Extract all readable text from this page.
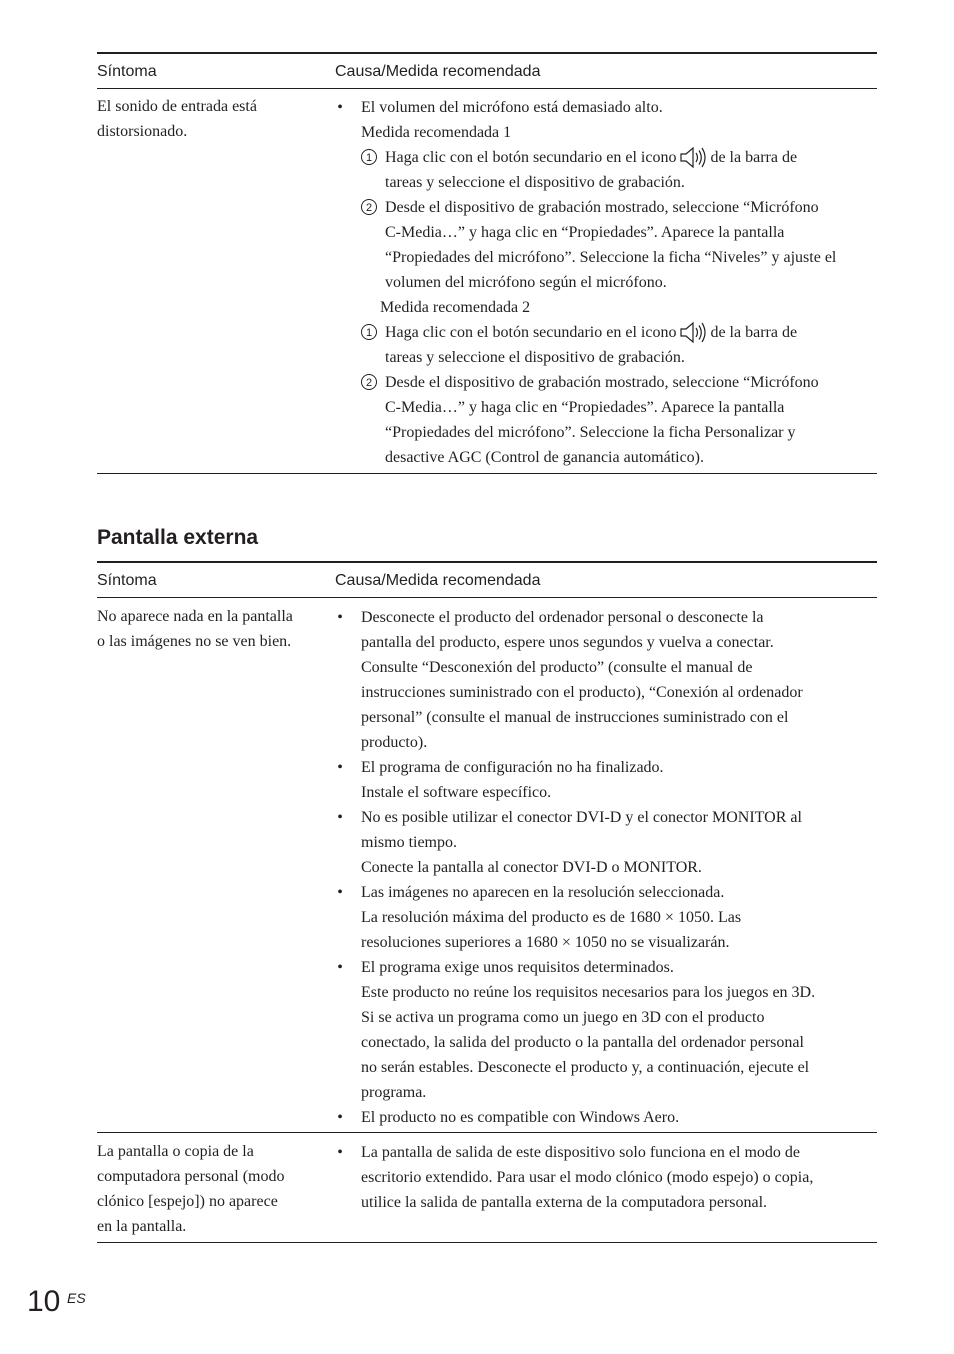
Síntoma	Causa/Medida recomendada
El sonido de entrada está
distorsionado.
• El volumen del micrófono está demasiado alto.
Medida recomendada 1
1 Haga clic con el botón secundario en el icono de la barra de
tareas y seleccione el dispositivo de grabación.
2 Desde el dispositivo de grabación mostrado, seleccione “Micrófono
C-Media…” y haga clic en “Propiedades”. Aparece la pantalla
“Propiedades del micrófono”. Seleccione la ficha “Niveles” y ajuste el
volumen del micrófono según el micrófono.
Medida recomendada 2
1 Haga clic con el botón secundario en el icono de la barra de
tareas y seleccione el dispositivo de grabación.
2 Desde el dispositivo de grabación mostrado, seleccione “Micrófono
C-Media…” y haga clic en “Propiedades”. Aparece la pantalla
“Propiedades del micrófono”. Seleccione la ficha Personalizar y
desactive AGC (Control de ganancia automático).
Pantalla externa
Síntoma	Causa/Medida recomendada
No aparece nada en la pantalla
o las imágenes no se ven bien.
• Desconecte el producto del ordenador personal o desconecte la
pantalla del producto, espere unos segundos y vuelva a conectar.
Consulte “Desconexión del producto” (consulte el manual de
instrucciones suministrado con el producto), “Conexión al ordenador
personal” (consulte el manual de instrucciones suministrado con el
producto).
• El programa de configuración no ha finalizado.
Instale el software específico.
• No es posible utilizar el conector DVI-D y el conector MONITOR al
mismo tiempo.
Conecte la pantalla al conector DVI-D o MONITOR.
• Las imágenes no aparecen en la resolución seleccionada.
La resolución máxima del producto es de 1680 × 1050. Las
resoluciones superiores a 1680 × 1050 no se visualizarán.
• El programa exige unos requisitos determinados.
Este producto no reúne los requisitos necesarios para los juegos en 3D.
Si se activa un programa como un juego en 3D con el producto
conectado, la salida del producto o la pantalla del ordenador personal
no serán estables. Desconecte el producto y, a continuación, ejecute el
programa.
• El producto no es compatible con Windows Aero.
La pantalla o copia de la
computadora personal (modo
clónico [espejo]) no aparece
en la pantalla.
• La pantalla de salida de este dispositivo solo funciona en el modo de
escritorio extendido. Para usar el modo clónico (modo espejo) o copia,
utilice la salida de pantalla externa de la computadora personal.
10 ES
